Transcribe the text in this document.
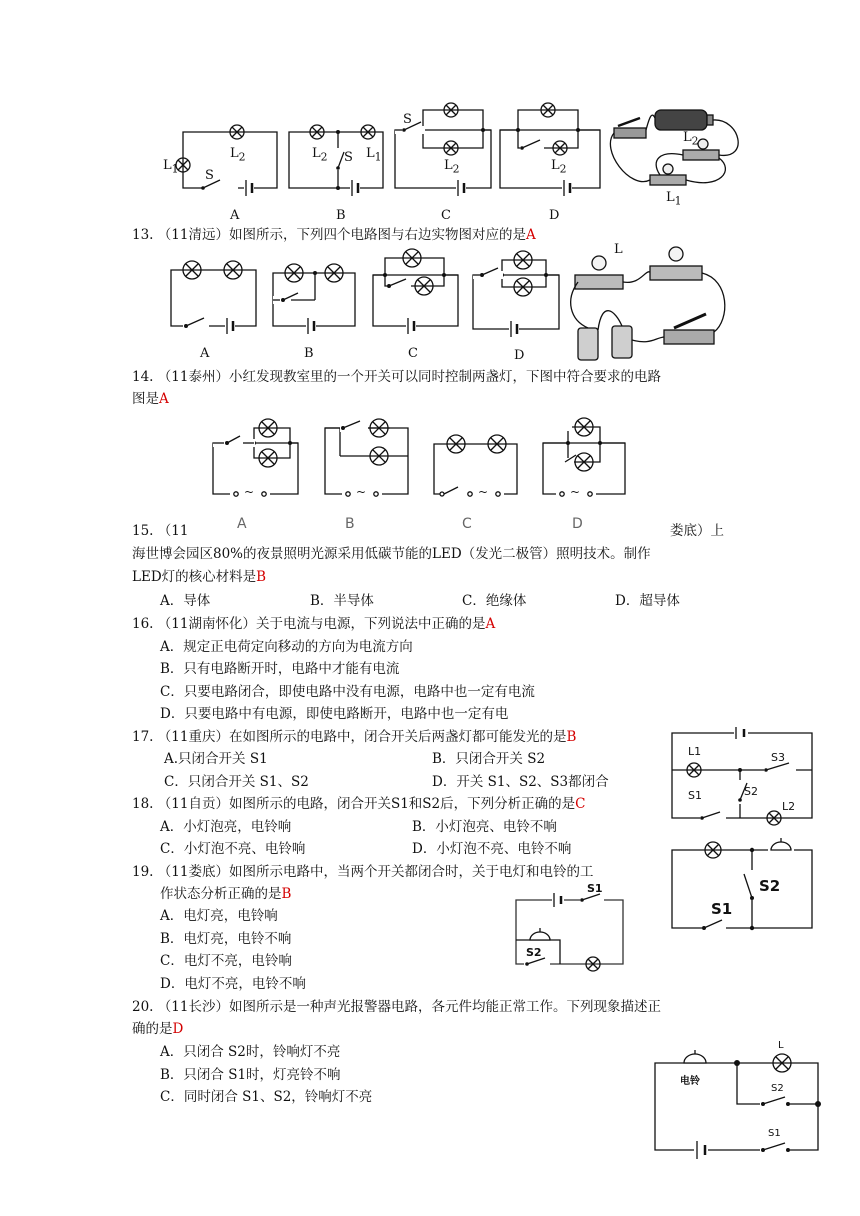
$L_2$
$L_1$ S
$L_2$ S $L_1$
S
$L_2$	$L_2$
$L_2$
$L_1$
A	B	C	D
13. （11清远）如图所示，下列四个电路图与右边实物图对应的是A
L
A	B	C	D
14. （11泰州）小红发现教室里的一个开关可以同时控制两盏灯，下图中符合要求的电路
图是A
~	~	~	~
A	B	C	D
15. （11	娄底）上
海世博会园区80%的夜景照明光源采用低碳节能的LED（发光二极管）照明技术。制作
LED灯的核心材料是B
A．导体	B．半导体	C．绝缘体	D．超导体
16. （11湖南怀化）关于电流与电源，下列说法中正确的是A
A．规定正电荷定向移动的方向为电流方向
B．只有电路断开时，电路中才能有电流
C．只要电路闭合，即使电路中没有电源，电路中也一定有电流
D．只要电路中有电源，即使电路断开，电路中也一定有电
17. （11重庆）在如图所示的电路中，闭合开关后两盏灯都可能发光的是B
A.只闭合开关 S1	B．只闭合开关 S2
C．只闭合开关 S1、S2	D．开关 S1、S2、S3都闭合
L1	S3
S1	S2
L2
18. （11自贡）如图所示的电路，闭合开关S1和S2后，下列分析正确的是C
A．小灯泡亮，电铃响	B．小灯泡亮、电铃不响
C．小灯泡不亮、电铃响	D．小灯泡不亮、电铃不响
S1
S2
19. （11娄底）如图所示电路中，当两个开关都闭合时，关于电灯和电铃的工
作状态分析正确的是B
A．电灯亮，电铃响
B．电灯亮，电铃不响
C．电灯不亮，电铃响
D．电灯不亮，电铃不响
S1
S2
20. （11长沙）如图所示是一种声光报警器电路，各元件均能正常工作。下列现象描述正
确的是D
A．只闭合 S2时，铃响灯不亮
B．只闭合 S1时，灯亮铃不响
C．同时闭合 S1、S2，铃响灯不亮
电铃
L
S2
S1
